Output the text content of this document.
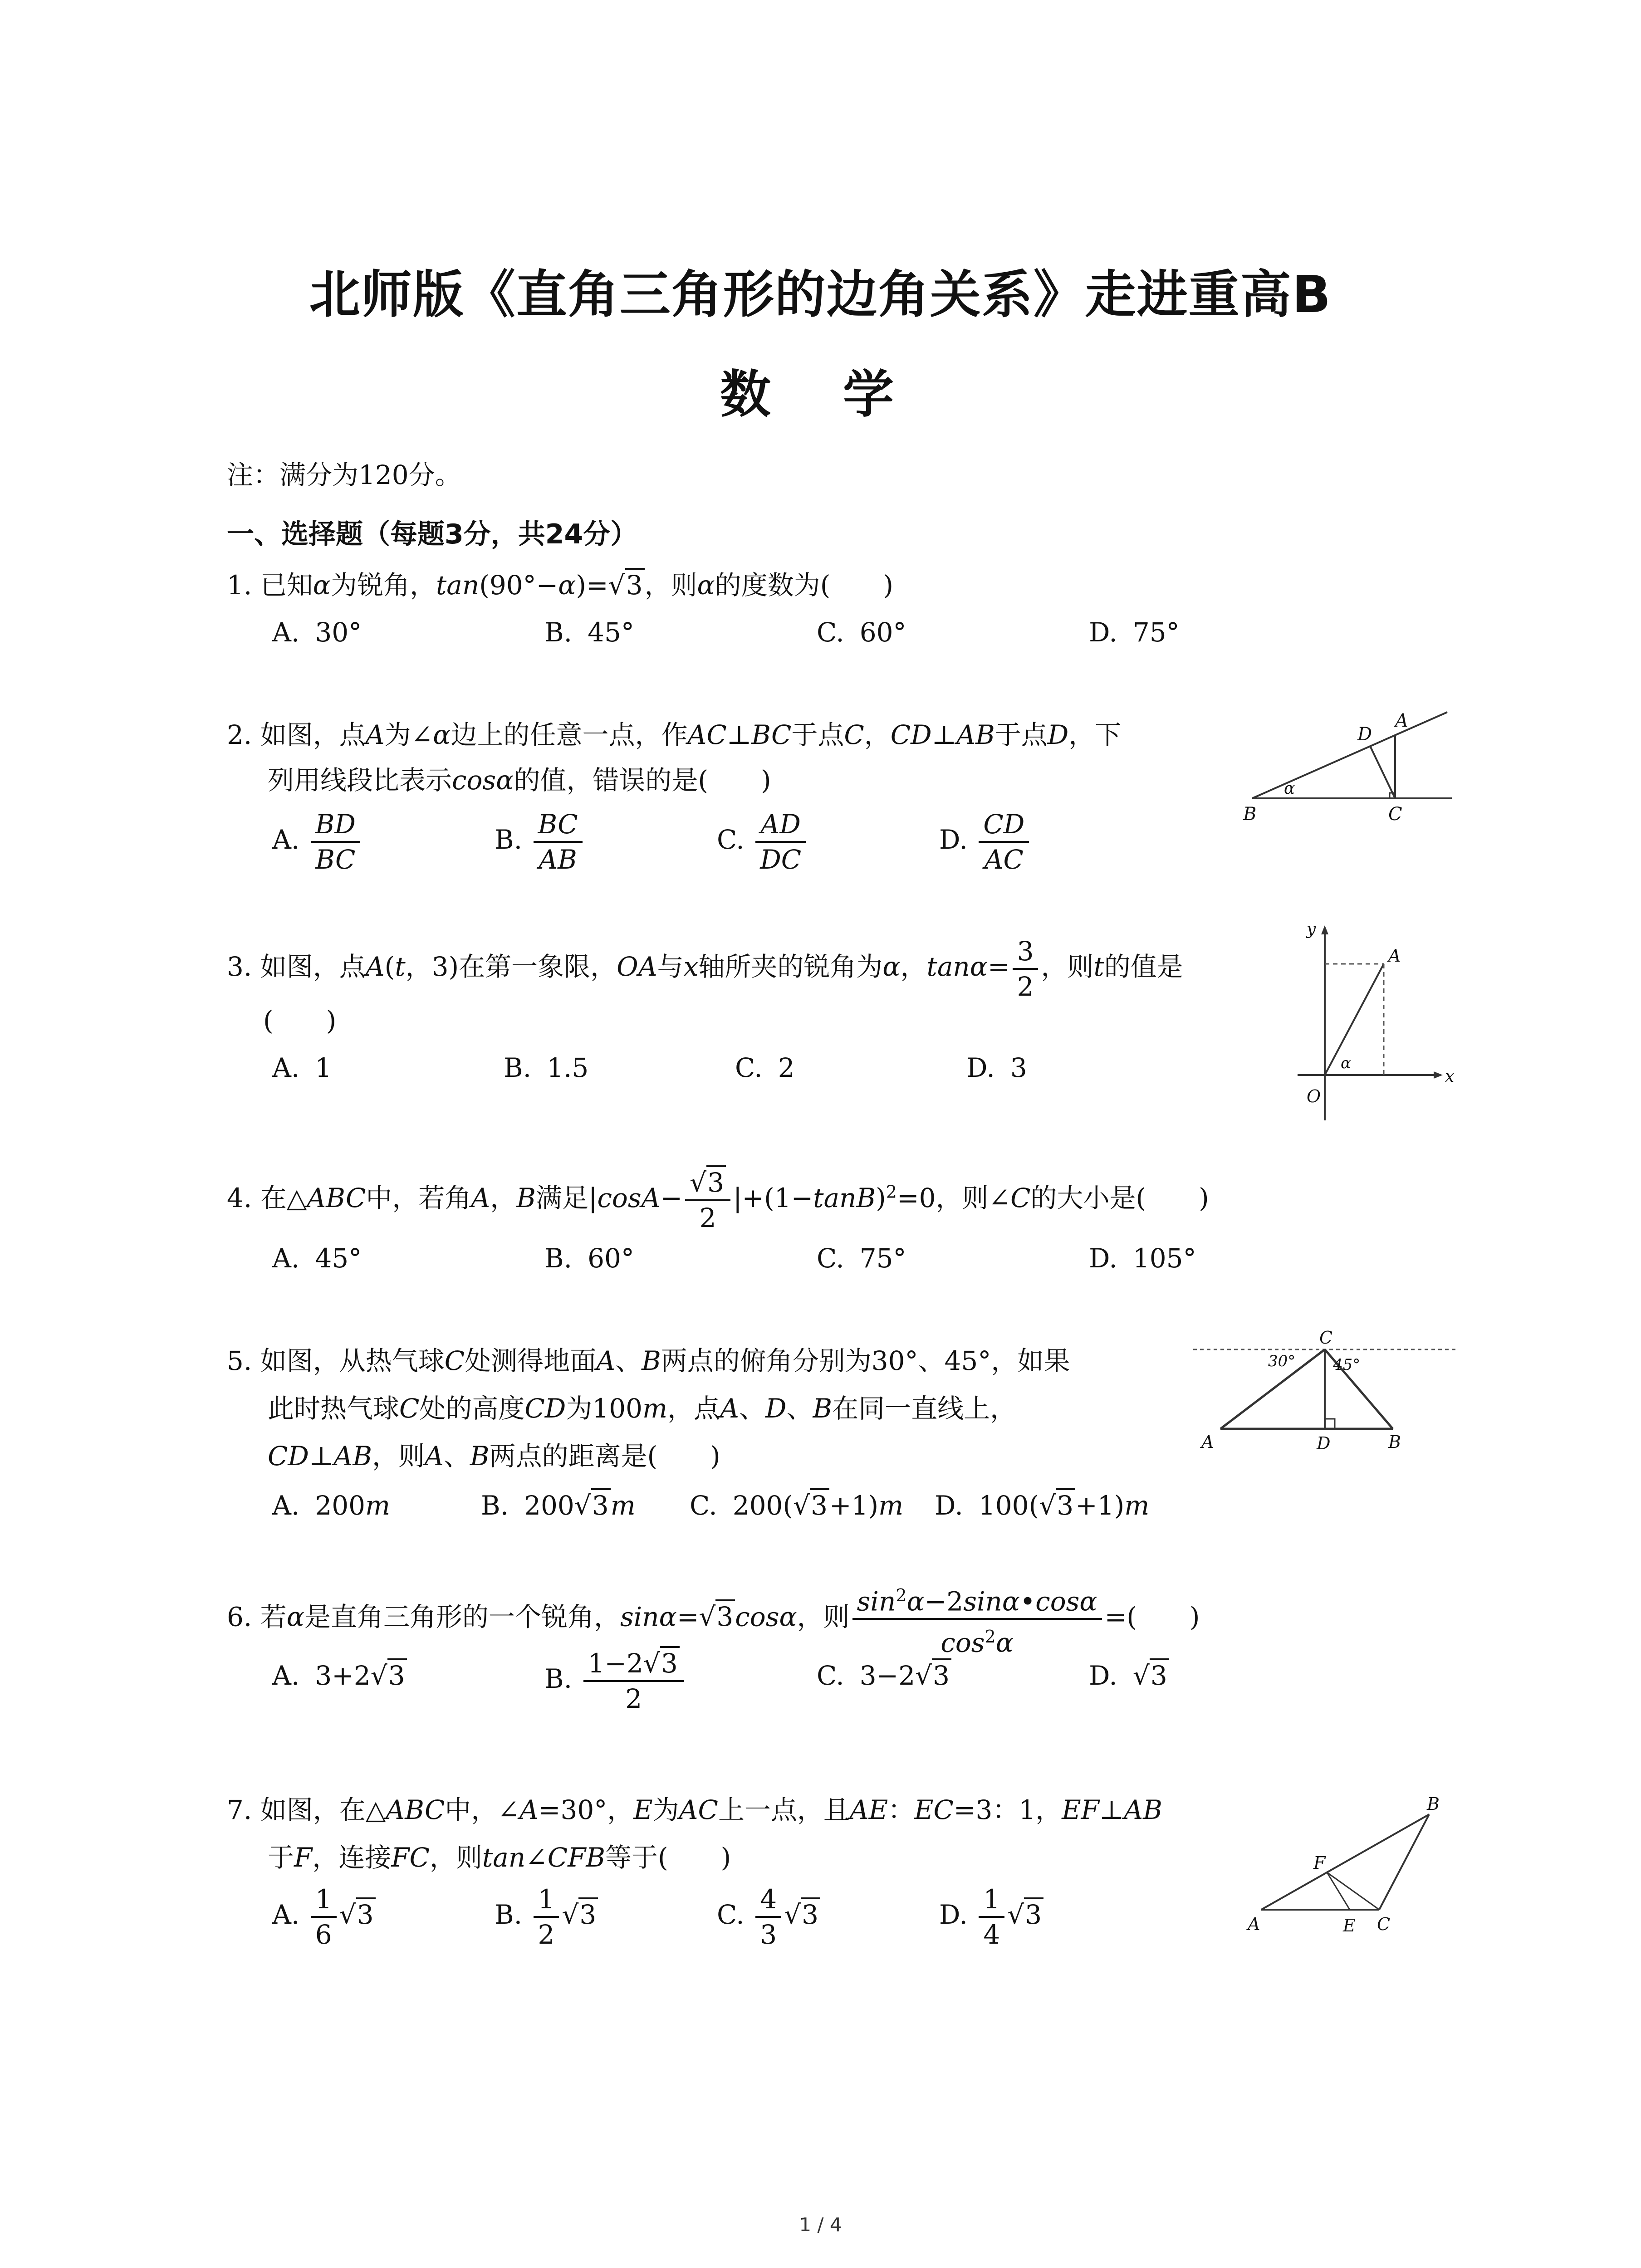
北师版《直角三角形的边角关系》走进重高B
数 学
注：满分为120分。
一、选择题（每题3分，共24分）
1. 已知α为锐角，tan(90°−α)=√3，则α的度数为(　　)
A. 30°	B. 45°	C. 60°	D. 75°
2. 如图，点A为∠α边上的任意一点，作AC⊥BC于点C，CD⊥AB于点D，下
列用线段比表示cosα的值，错误的是(　　)
A. $\frac{BD}{BC}$	B. $\frac{BC}{AB}$	C. $\frac{AD}{DC}$	D. $\frac{CD}{AC}$
D
A
α
B	C
3. 如图，点A(t，3)在第一象限，OA与x轴所夹的锐角为α，$\tan\alpha= \frac{3}{2}$ ，则t的值是
(　　)
A. 1	B. 1.5	C. 2	D. 3
y
A
α
O
x
4. 在△ABC中，若角A，B满足$|\cos A- \frac{√3}{2} |+(1-\tan B)^2=0$，则∠C的大小是(　　)
A. 45°	B. 60°	C. 75°	D. 105°
5. 如图，从热气球C处测得地面A、B两点的俯角分别为30°、45°，如果
此时热气球C处的高度CD为100m，点A、D、B在同一直线上，
CD⊥AB，则A、B两点的距离是(　　)
A. 200m	B. 200√3m C. 200(√3+1)m D. 100(√3+1)m
C
30° 45°
A	D	B
6. 若α是直角三角形的一个锐角，sinα=√3cosα，则 $\frac{\sin^2\alpha-2\sin\alpha•\cos\alpha}{\cos^2\alpha}$ =(　　)
A. 3+2√3	B. $\frac{1-2√3}{2}$	C. 3−2√3	D. √3
7. 如图，在△ABC中，∠A=30°，E为AC上一点，且AE：EC=3：1，EF⊥AB
于F，连接FC，则tan∠CFB等于(　　)
A. $\frac{1}{6} √3$	B. $\frac{1}{2} √3$	C. $\frac{4}{3} √3$	D. $\frac{1}{4} √3$
B
F
A	E C
1 / 4
